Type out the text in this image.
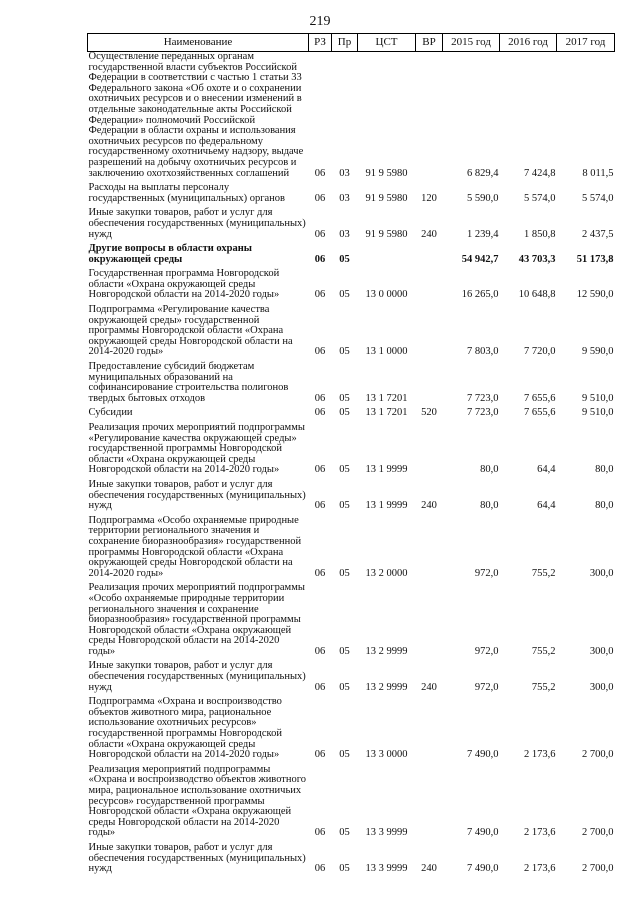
219
Наименование	РЗ	Пр	ЦСТ	ВР	2015 год	2016 год	2017 год
Осуществление переданных органам государственной власти субъектов Российской Федерации в соответствии с частью 1 статьи 33 Федерального закона «Об охоте и о сохранении охотничьих ресурсов и о внесении изменений в отдельные законодательные акты Российской Федерации» полномочий Российской Федерации в области охраны и использования охотничьих ресурсов по федеральному государственному охотничьему надзору, выдаче разрешений на добычу охотничьих ресурсов и заключению охотхозяйственных соглашений	06	03	91 9 5980		6 829,4	7 424,8	8 011,5
Расходы на выплаты персоналу государственных (муниципальных) органов	06	03	91 9 5980	120	5 590,0	5 574,0	5 574,0
Иные закупки товаров, работ и услуг для обеспечения государственных (муниципальных) нужд	06	03	91 9 5980	240	1 239,4	1 850,8	2 437,5
Другие вопросы в области охраны окружающей среды	06	05			54 942,7	43 703,3	51 173,8
Государственная программа Новгородской области «Охрана окружающей среды Новгородской области на 2014-2020 годы»	06	05	13 0 0000		16 265,0	10 648,8	12 590,0
Подпрограмма «Регулирование качества окружающей среды» государственной программы Новгородской области «Охрана окружающей среды Новгородской области на 2014-2020 годы»	06	05	13 1 0000		7 803,0	7 720,0	9 590,0
Предоставление субсидий бюджетам муниципальных образований на софинансирование строительства полигонов твердых бытовых отходов	06	05	13 1 7201		7 723,0	7 655,6	9 510,0
Субсидии	06	05	13 1 7201	520	7 723,0	7 655,6	9 510,0
Реализация прочих мероприятий подпрограммы «Регулирование качества окружающей среды» государственной программы Новгородской области «Охрана окружающей среды Новгородской области на 2014-2020 годы»	06	05	13 1 9999		80,0	64,4	80,0
Иные закупки товаров, работ и услуг для обеспечения государственных (муниципальных) нужд	06	05	13 1 9999	240	80,0	64,4	80,0
Подпрограмма «Особо охраняемые природные территории регионального значения и сохранение биоразнообразия» государственной программы Новгородской области «Охрана окружающей среды Новгородской области на 2014-2020 годы»	06	05	13 2 0000		972,0	755,2	300,0
Реализация прочих мероприятий подпрограммы «Особо охраняемые природные территории регионального значения и сохранение биоразнообразия» государственной программы Новгородской области «Охрана окружающей среды Новгородской области на 2014-2020 годы»	06	05	13 2 9999		972,0	755,2	300,0
Иные закупки товаров, работ и услуг для обеспечения государственных (муниципальных) нужд	06	05	13 2 9999	240	972,0	755,2	300,0
Подпрограмма «Охрана и воспроизводство объектов животного мира, рациональное использование охотничьих ресурсов» государственной программы Новгородской области «Охрана окружающей среды Новгородской области на 2014-2020 годы»	06	05	13 3 0000		7 490,0	2 173,6	2 700,0
Реализация мероприятий подпрограммы «Охрана и воспроизводство объектов животного мира, рациональное использование охотничьих ресурсов» государственной программы Новгородской области «Охрана окружающей среды Новгородской области на 2014-2020 годы»	06	05	13 3 9999		7 490,0	2 173,6	2 700,0
Иные закупки товаров, работ и услуг для обеспечения государственных (муниципальных) нужд	06	05	13 3 9999	240	7 490,0	2 173,6	2 700,0
